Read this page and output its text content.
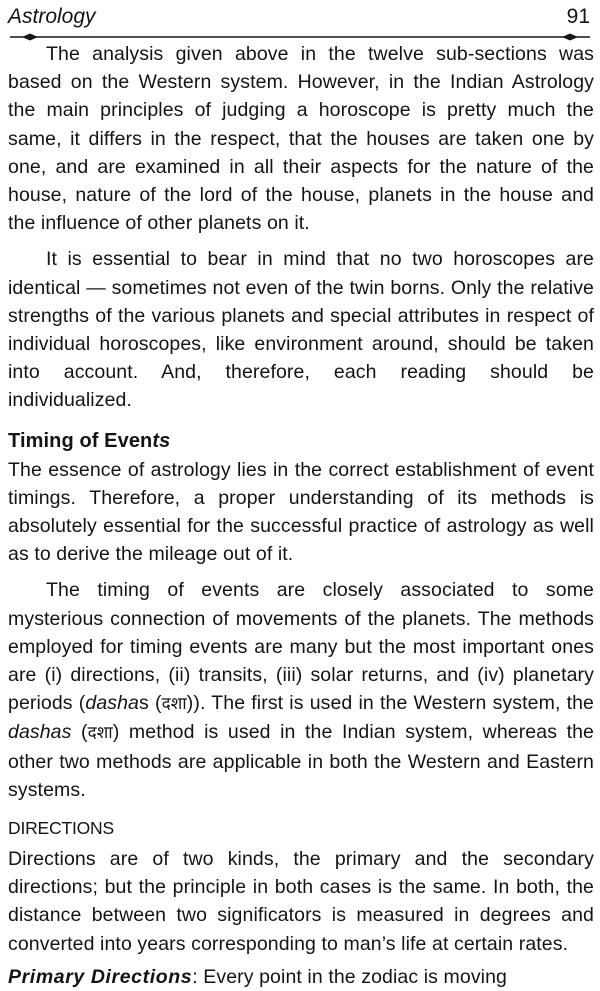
Astrology	91

The analysis given above in the twelve sub-sections was based on the Western system. However, in the Indian Astrology the main principles of judging a horoscope is pretty much the same, it differs in the respect, that the houses are taken one by one, and are examined in all their aspects for the nature of the house, nature of the lord of the house, planets in the house and the influence of other planets on it.

It is essential to bear in mind that no two horoscopes are identical — sometimes not even of the twin borns. Only the relative strengths of the various planets and special attributes in respect of individual horoscopes, like environment around, should be taken into account. And, therefore, each reading should be individualized.

Timing of Events

The essence of astrology lies in the correct establishment of event timings. Therefore, a proper understanding of its methods is absolutely essential for the successful practice of astrology as well as to derive the mileage out of it.

The timing of events are closely associated to some mysterious connection of movements of the planets. The methods employed for timing events are many but the most important ones are (i) directions, (ii) transits, (iii) solar returns, and (iv) planetary periods (dashas (दशा)). The first is used in the Western system, the dashas (दशा) method is used in the Indian system, whereas the other two methods are applicable in both the Western and Eastern systems.

DIRECTIONS

Directions are of two kinds, the primary and the secondary directions; but the principle in both cases is the same. In both, the distance between two significators is measured in degrees and converted into years corresponding to man’s life at certain rates.

Primary Directions: Every point in the zodiac is moving
